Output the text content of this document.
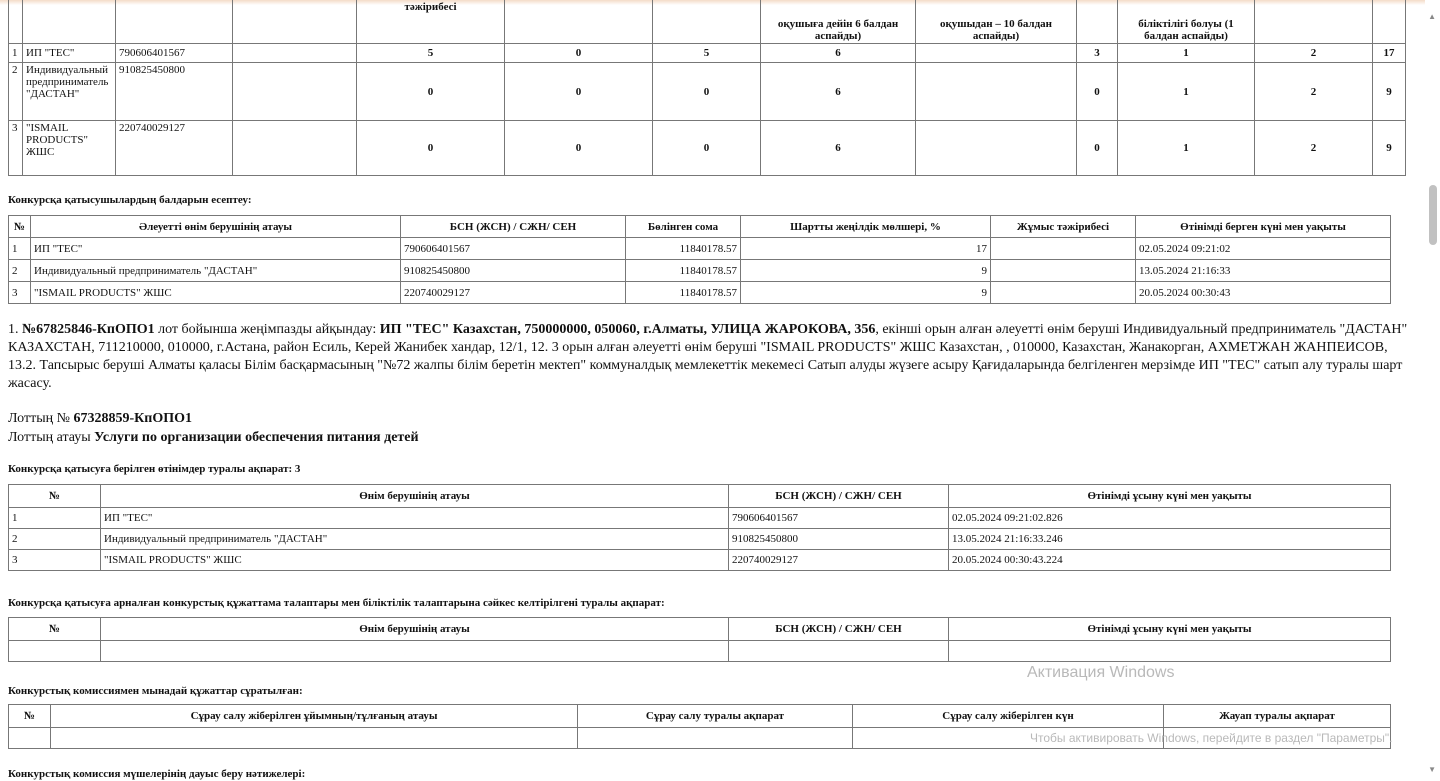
				тәжірибесі			оқушыға дейін 6 балдан аспайды)	оқушыдан – 10 балдан аспайды)		біліктілігі болуы (1 балдан аспайды)		
1	ИП "ТЕС"	790606401567		5	0	5	6		3	1	2	17
2	Индивидуальный предприниматель "ДАСТАН"	910825450800		0	0	0	6		0	1	2	9
3	"ISMAIL PRODUCTS" ЖШС	220740029127		0	0	0	6		0	1	2	9
Конкурсқа қатысушылардың балдарын есептеу:
№	Әлеуетті өнім берушінің атауы	БСН (ЖСН) / СЖН/ СЕН	Бөлінген сома	Шартты жеңілдік мөлшері, %	Жұмыс тәжірибесі	Өтінімді берген күні мен уақыты
1	ИП "ТЕС"	790606401567	11840178.57	17		02.05.2024 09:21:02
2	Индивидуальный предприниматель "ДАСТАН"	910825450800	11840178.57	9		13.05.2024 21:16:33
3	"ISMAIL PRODUCTS" ЖШС	220740029127	11840178.57	9		20.05.2024 00:30:43
1. №67825846-КпОПО1 лот бойынша жеңімпазды айқындау: ИП "ТЕС" Казахстан, 750000000, 050060, г.Алматы, УЛИЦА ЖАРОКОВА, 356, екінші орын алған әлеуетті өнім беруші Индивидуальный предприниматель "ДАСТАН" КАЗАХСТАН, 711210000, 010000, г.Астана, район Есиль, Керей Жанибек хандар, 12/1, 12. 3 орын алған әлеуетті өнім беруші "ISMAIL PRODUCTS" ЖШС Казахстан, , 010000, Казахстан, Жанакорган, АХМЕТЖАН ЖАНПЕИСОВ, 13.2. Тапсырыс беруші Алматы қаласы Білім басқармасының "№72 жалпы білім беретін мектеп" коммуналдық мемлекеттік мекемесі Сатып алуды жүзеге асыру Қағидаларында белгіленген мерзімде ИП "ТЕС" сатып алу туралы шарт жасасу.
Лоттың № 67328859-КпОПО1
Лоттың атауы Услуги по организации обеспечения питания детей
Конкурсқа қатысуға берілген өтінімдер туралы ақпарат: 3
№	Өнім берушінің атауы	БСН (ЖСН) / СЖН/ СЕН	Өтінімді ұсыну күні мен уақыты
1	ИП "ТЕС"	790606401567	02.05.2024 09:21:02.826
2	Индивидуальный предприниматель "ДАСТАН"	910825450800	13.05.2024 21:16:33.246
3	"ISMAIL PRODUCTS" ЖШС	220740029127	20.05.2024 00:30:43.224
Конкурсқа қатысуға арналған конкурстық құжаттама талаптары мен біліктілік талаптарына сәйкес келтірілгені туралы ақпарат:
№	Өнім берушінің атауы	БСН (ЖСН) / СЖН/ СЕН	Өтінімді ұсыну күні мен уақыты

Конкурстық комиссиямен мынадай құжаттар сұратылған:
№	Сұрау салу жіберілген ұйымның/тұлғаның атауы	Сұрау салу туралы ақпарат	Сұрау салу жіберілген күн	Жауап туралы ақпарат

Конкурстық комиссия мүшелерінің дауыс беру нәтижелері:
Активация Windows
Чтобы активировать Windows, перейдите в раздел "Параметры".
▲
▼
